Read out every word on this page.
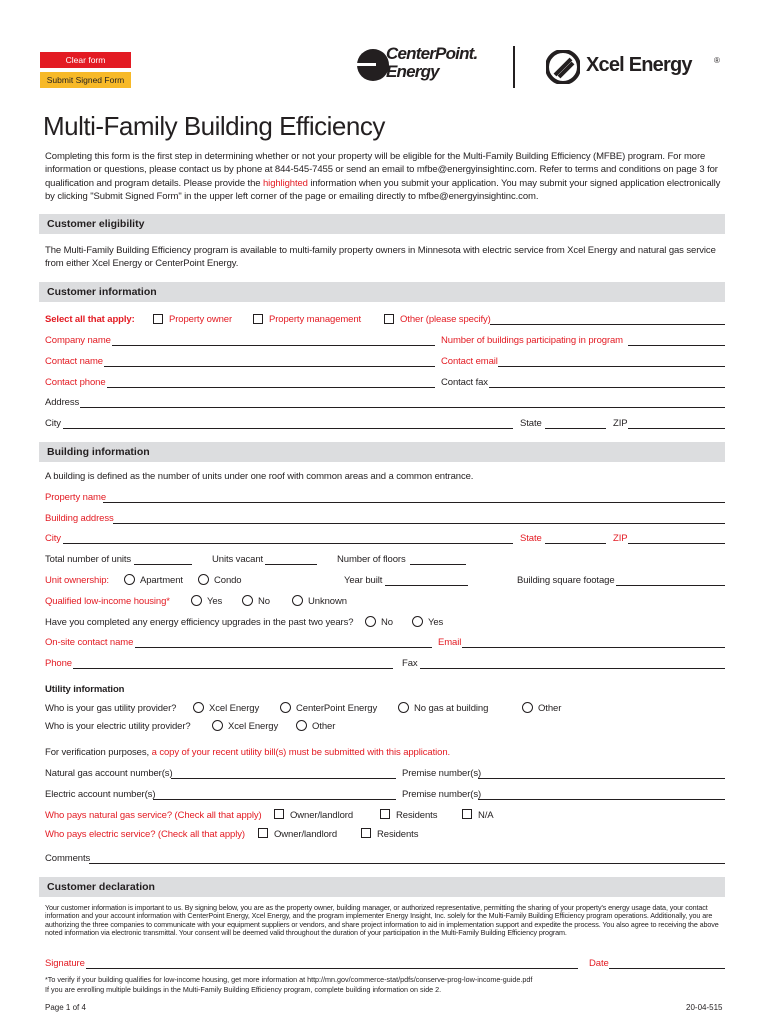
Clear form
Submit Signed Form
CenterPoint.
Energy	Xcel Energy	®
Multi-Family Building Efficiency

Completing this form is the first step in determining whether or not your property will be eligible for the Multi-Family Building Efficiency (MFBE) program. For more information or questions, please contact us by phone at 844-545-7455 or send an email to mfbe@energyinsightinc.com. Refer to terms and conditions on page 3 for qualification and program details. Please provide the highlighted information when you submit your application. You may submit your signed application electronically by clicking "Submit Signed Form" in the upper left corner of the page or emailing directly to mfbe@energyinsightinc.com.

Customer eligibility

The Multi-Family Building Efficiency program is available to multi-family property owners in Minnesota with electric service from Xcel Energy and natural gas service from either Xcel Energy or CenterPoint Energy.

Customer information
Select all that apply:	Property owner	Property management	Other (please specify)
Company name	Number of buildings participating in program
Contact name	Contact email
Contact phone	Contact fax
Address
City	State	ZIP
Building information
A building is defined as the number of units under one roof with common areas and a common entrance.
Property name
Building address
City	State	ZIP
Total number of units	Units vacant	Number of floors
Unit ownership:	Apartment	Condo	Year built	Building square footage
Qualified low-income housing*	Yes	No	Unknown
Have you completed any energy efficiency upgrades in the past two years?	No	Yes
On-site contact name	Email
Phone	Fax
Utility information
Who is your gas utility provider?	Xcel Energy	CenterPoint Energy	No gas at building	Other
Who is your electric utility provider?	Xcel Energy	Other
For verification purposes, a copy of your recent utility bill(s) must be submitted with this application.
Natural gas account number(s)	Premise number(s)
Electric account number(s)	Premise number(s)
Who pays natural gas service? (Check all that apply)	Owner/landlord	Residents	N/A
Who pays electric service? (Check all that apply)	Owner/landlord	Residents
Comments
Customer declaration

Your customer information is important to us. By signing below, you are as the property owner, building manager, or authorized representative, permitting the sharing of your property's energy usage data, your contact information and your account information with CenterPoint Energy, Xcel Energy, and the program implementer Energy Insight, Inc. solely for the Multi-Family Building Efficiency program operations. Additionally, you are authorizing the three companies to communicate with your equipment suppliers or vendors, and share project information to aid in implementation support and expedite the process. You also agree to receiving the above noted information via electronic transmittal. Your consent will be deemed valid throughout the duration of your participation in the Multi-Family Building Efficiency program.

Signature	Date
*To verify if your building qualifies for low-income housing, get more information at http://mn.gov/commerce-stat/pdfs/conserve-prog-low-income-guide.pdf
If you are enrolling multiple buildings in the Multi-Family Building Efficiency program, complete building information on side 2.
Page 1 of 4	20-04-515
